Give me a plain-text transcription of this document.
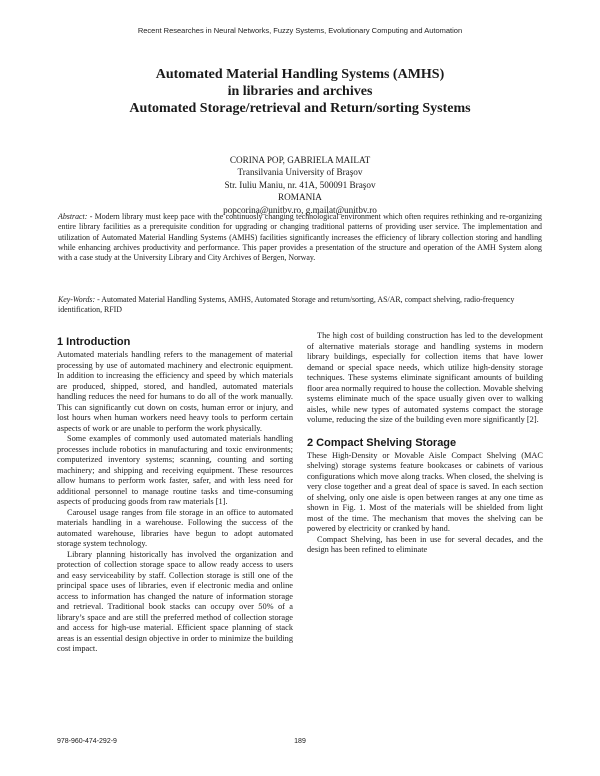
Recent Researches in Neural Networks, Fuzzy Systems, Evolutionary Computing and Automation
Automated Material Handling Systems (AMHS)
in libraries and archives
Automated Storage/retrieval and Return/sorting Systems
CORINA POP, GABRIELA MAILAT
Transilvania University of Braşov
Str. Iuliu Maniu, nr. 41A, 500091 Braşov
ROMANIA
popcorina@unitbv.ro, g.mailat@unitbv.ro
Abstract: - Modern library must keep pace with the continuosly changing technological environment which often requires rethinking and re-organizing entire library facilities as a prerequisite condition for upgrading or changing traditional patterns of providing user service. The implementation and utilization of Automated Material Handling Systems (AMHS) facilities significantly increases the efficiency of library collection storing and handling while enhancing archives productivity and performance. This paper provides a presentation of the structure and operation of the AMH System along with a case study at the University Library and City Archives of Bergen, Norway.
Key-Words: - Automated Material Handling Systems, AMHS, Automated Storage and return/sorting, AS/AR, compact shelving, radio-frequency identification, RFID
1 Introduction

Automated materials handling refers to the management of material processing by use of automated machinery and electronic equipment. In addition to increasing the efficiency and speed by which materials are produced, shipped, stored, and handled, automated materials handling reduces the need for humans to do all of the work manually. This can significantly cut down on costs, human error or injury, and lost hours when human workers need heavy tools to perform certain aspects of work or are unable to perform the work physically.

Some examples of commonly used automated materials handling processes include robotics in manufacturing and toxic environments; computerized inventory systems; scanning, counting and sorting machinery; and shipping and receiving equipment. These resources allow humans to perform work faster, safer, and with less need for additional personnel to manage routine tasks and time-consuming aspects of producing goods from raw materials [1].

Carousel usage ranges from file storage in an office to automated materials handling in a warehouse. Following the success of the automated warehouse, libraries have begun to adopt automated storage system technology.

Library planning historically has involved the organization and protection of collection storage space to allow ready access to users and easy serviceability by staff. Collection storage is still one of the principal space uses of libraries, even if electronic media and online access to information has changed the nature of information storage and retrieval. Traditional book stacks can occupy over 50% of a library’s space and are still the preferred method of collection storage and access for high-use material. Efficient space planning of stack areas is an essential design objective in order to minimize the building cost impact.

The high cost of building construction has led to the development of alternative materials storage and handling systems in modern library buildings, especially for collection items that have lower demand or special space needs, which utilize high-density storage techniques. These systems eliminate significant amounts of building floor area normally required to house the collection. Movable shelving systems eliminate much of the space usually given over to walking aisles, while new types of automated systems compact the storage volume, reducing the size of the building even more significantly [2].

2 Compact Shelving Storage

These High-Density or Movable Aisle Compact Shelving (MAC shelving) storage systems feature bookcases or cabinets of various configurations which move along tracks. When closed, the shelving is very close together and a great deal of space is saved. In each section of shelving, only one aisle is open between ranges at any one time as shown in Fig. 1. Most of the materials will be shielded from light most of the time. The mechanism that moves the shelving can be powered by electricity or cranked by hand.

Compact Shelving, has been in use for several decades, and the design has been refined to eliminate

978-960-474-292-9	189
